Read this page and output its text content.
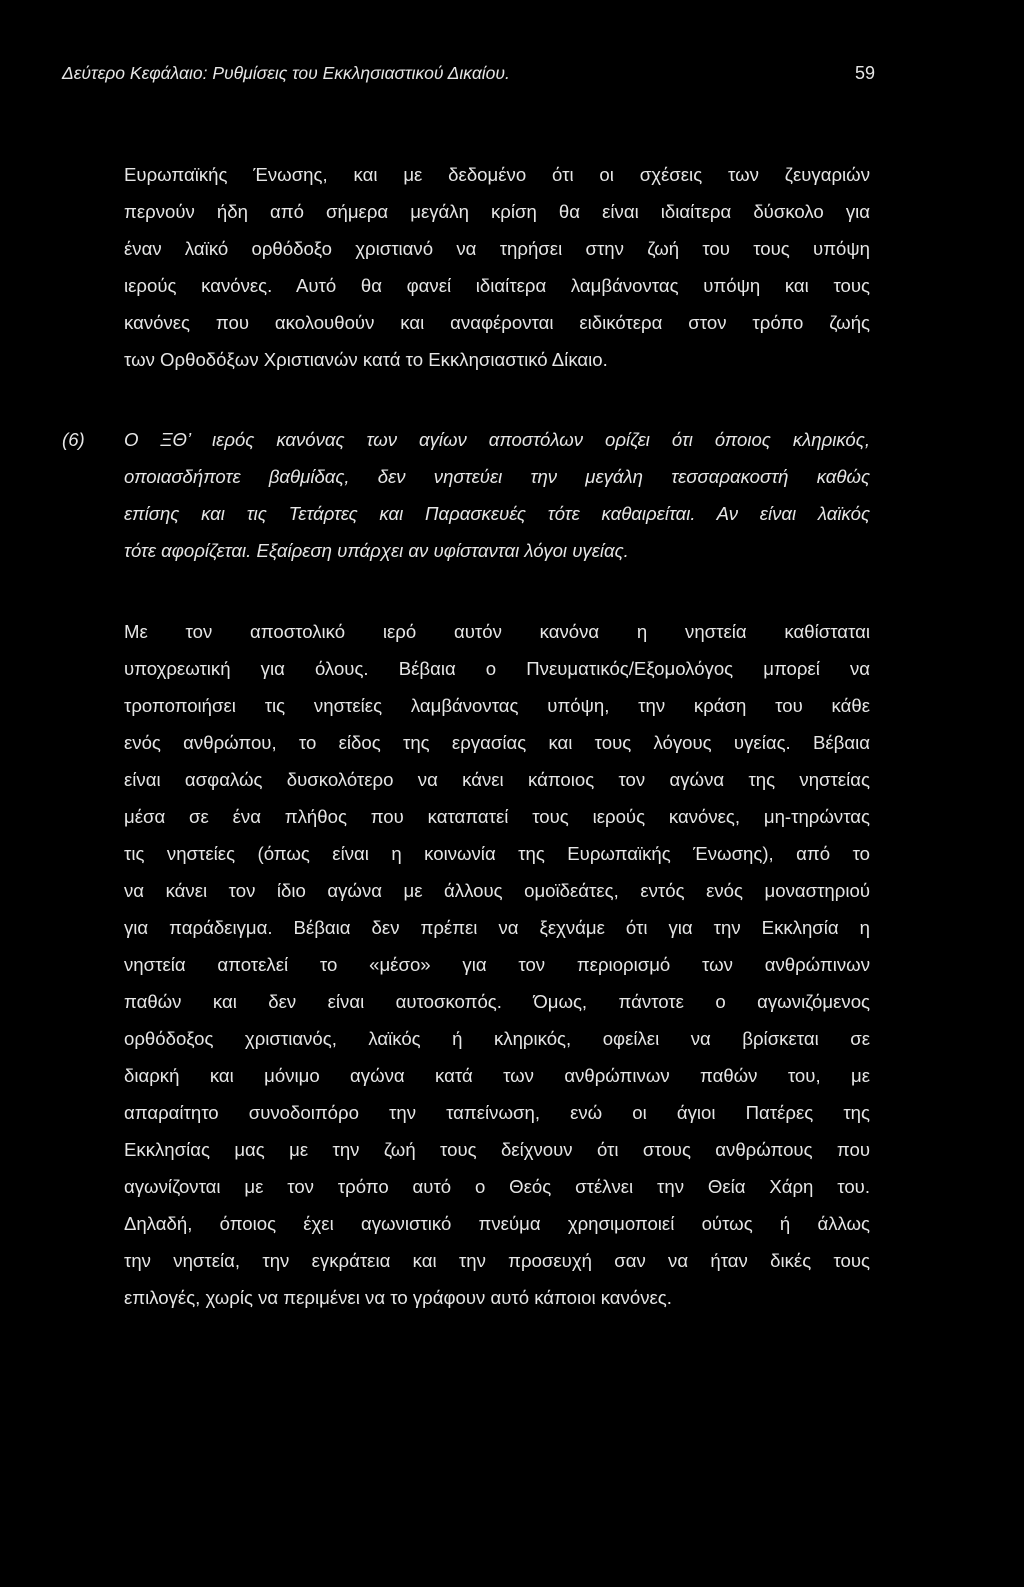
Δεύτερο Κεφάλαιο: Ρυθμίσεις του Εκκλησιαστικού Δικαίου.	59
Ευρωπαϊκής Ένωσης, και με δεδομένο ότι οι σχέσεις των ζευγαριών
περνούν ήδη από σήμερα μεγάλη κρίση θα είναι ιδιαίτερα δύσκολο για
έναν λαϊκό ορθόδοξο χριστιανό να τηρήσει στην ζωή του τους υπόψη
ιερούς κανόνες. Αυτό θα φανεί ιδιαίτερα λαμβάνοντας υπόψη και τους
κανόνες που ακολουθούν και αναφέρονται ειδικότερα στον τρόπο ζωής
των Ορθοδόξων Χριστιανών κατά το Εκκλησιαστικό Δίκαιο.
(6) Ο ΞΘ’ ιερός κανόνας των αγίων αποστόλων ορίζει ότι όποιος κληρικός,
οποιασδήποτε βαθμίδας, δεν νηστεύει την μεγάλη τεσσαρακοστή καθώς
επίσης και τις Τετάρτες και Παρασκευές τότε καθαιρείται. Αν είναι λαϊκός
τότε αφορίζεται. Εξαίρεση υπάρχει αν υφίστανται λόγοι υγείας.
Με τον αποστολικό ιερό αυτόν κανόνα η νηστεία καθίσταται
υποχρεωτική για όλους. Βέβαια ο Πνευματικός/Εξομολόγος μπορεί να
τροποποιήσει τις νηστείες λαμβάνοντας υπόψη, την κράση του κάθε
ενός ανθρώπου, το είδος της εργασίας και τους λόγους υγείας. Βέβαια
είναι ασφαλώς δυσκολότερο να κάνει κάποιος τον αγώνα της νηστείας
μέσα σε ένα πλήθος που καταπατεί τους ιερούς κανόνες, μη-τηρώντας
τις νηστείες (όπως είναι η κοινωνία της Ευρωπαϊκής Ένωσης), από το
να κάνει τον ίδιο αγώνα με άλλους ομοϊδεάτες, εντός ενός μοναστηριού
για παράδειγμα. Βέβαια δεν πρέπει να ξεχνάμε ότι για την Εκκλησία η
νηστεία αποτελεί το «μέσο» για τον περιορισμό των ανθρώπινων
παθών και δεν είναι αυτοσκοπός. Όμως, πάντοτε ο αγωνιζόμενος
ορθόδοξος χριστιανός, λαϊκός ή κληρικός, οφείλει να βρίσκεται σε
διαρκή και μόνιμο αγώνα κατά των ανθρώπινων παθών του, με
απαραίτητο συνοδοιπόρο την ταπείνωση, ενώ οι άγιοι Πατέρες της
Εκκλησίας μας με την ζωή τους δείχνουν ότι στους ανθρώπους που
αγωνίζονται με τον τρόπο αυτό ο Θεός στέλνει την Θεία Χάρη του.
Δηλαδή, όποιος έχει αγωνιστικό πνεύμα χρησιμοποιεί ούτως ή άλλως
την νηστεία, την εγκράτεια και την προσευχή σαν να ήταν δικές τους
επιλογές, χωρίς να περιμένει να το γράφουν αυτό κάποιοι κανόνες.
